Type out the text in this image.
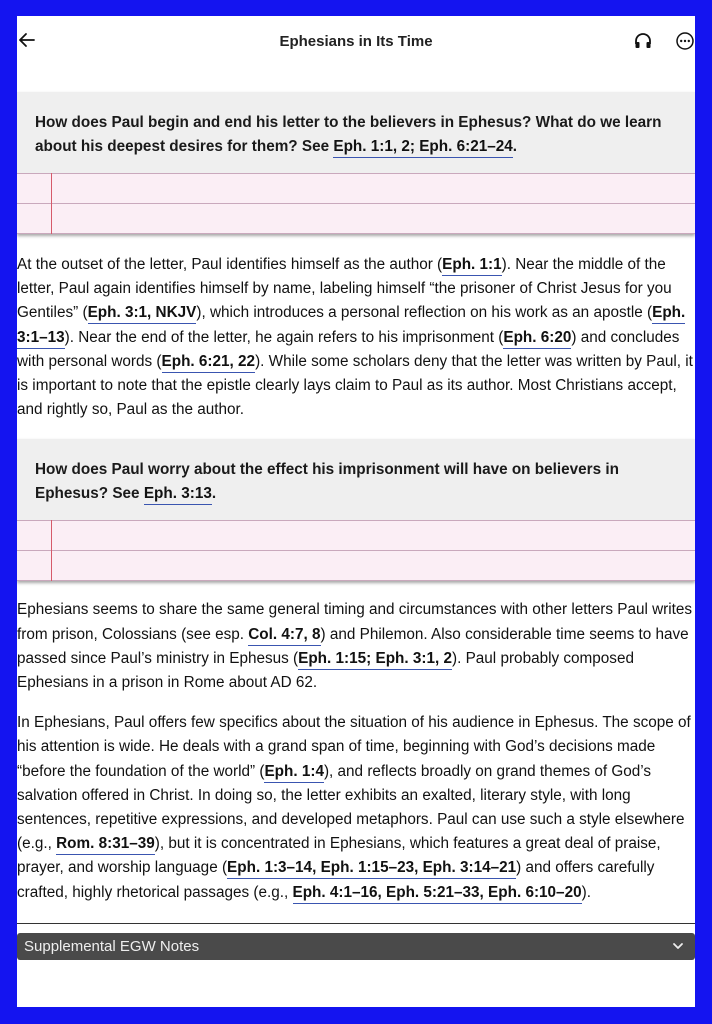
Ephesians in Its Time
How does Paul begin and end his letter to the believers in Ephesus? What do we learn about his deepest desires for them? See Eph. 1:1, 2; Eph. 6:21–24.

At the outset of the letter, Paul identifies himself as the author (Eph. 1:1). Near the middle of the letter, Paul again identifies himself by name, labeling himself “the prisoner of Christ Jesus for you Gentiles” (Eph. 3:1, NKJV), which introduces a personal reflection on his work as an apostle (Eph. 3:1–13). Near the end of the letter, he again refers to his imprisonment (Eph. 6:20) and concludes with personal words (Eph. 6:21, 22). While some scholars deny that the letter was written by Paul, it is important to note that the epistle clearly lays claim to Paul as its author. Most Christians accept, and rightly so, Paul as the author.

How does Paul worry about the effect his imprisonment will have on believers in Ephesus? See Eph. 3:13.

Ephesians seems to share the same general timing and circumstances with other letters Paul writes from prison, Colossians (see esp. Col. 4:7, 8) and Philemon. Also considerable time seems to have passed since Paul’s ministry in Ephesus (Eph. 1:15; Eph. 3:1, 2). Paul probably composed Ephesians in a prison in Rome about AD 62.

In Ephesians, Paul offers few specifics about the situation of his audience in Ephesus. The scope of his attention is wide. He deals with a grand span of time, beginning with God’s decisions made “before the foundation of the world” (Eph. 1:4), and reflects broadly on grand themes of God’s salvation offered in Christ. In doing so, the letter exhibits an exalted, literary style, with long sentences, repetitive expressions, and developed metaphors. Paul can use such a style elsewhere (e.g., Rom. 8:31–39), but it is concentrated in Ephesians, which features a great deal of praise, prayer, and worship language (Eph. 1:3–14, Eph. 1:15–23, Eph. 3:14–21) and offers carefully crafted, highly rhetorical passages (e.g., Eph. 4:1–16, Eph. 5:21–33, Eph. 6:10–20).

Supplemental EGW Notes
